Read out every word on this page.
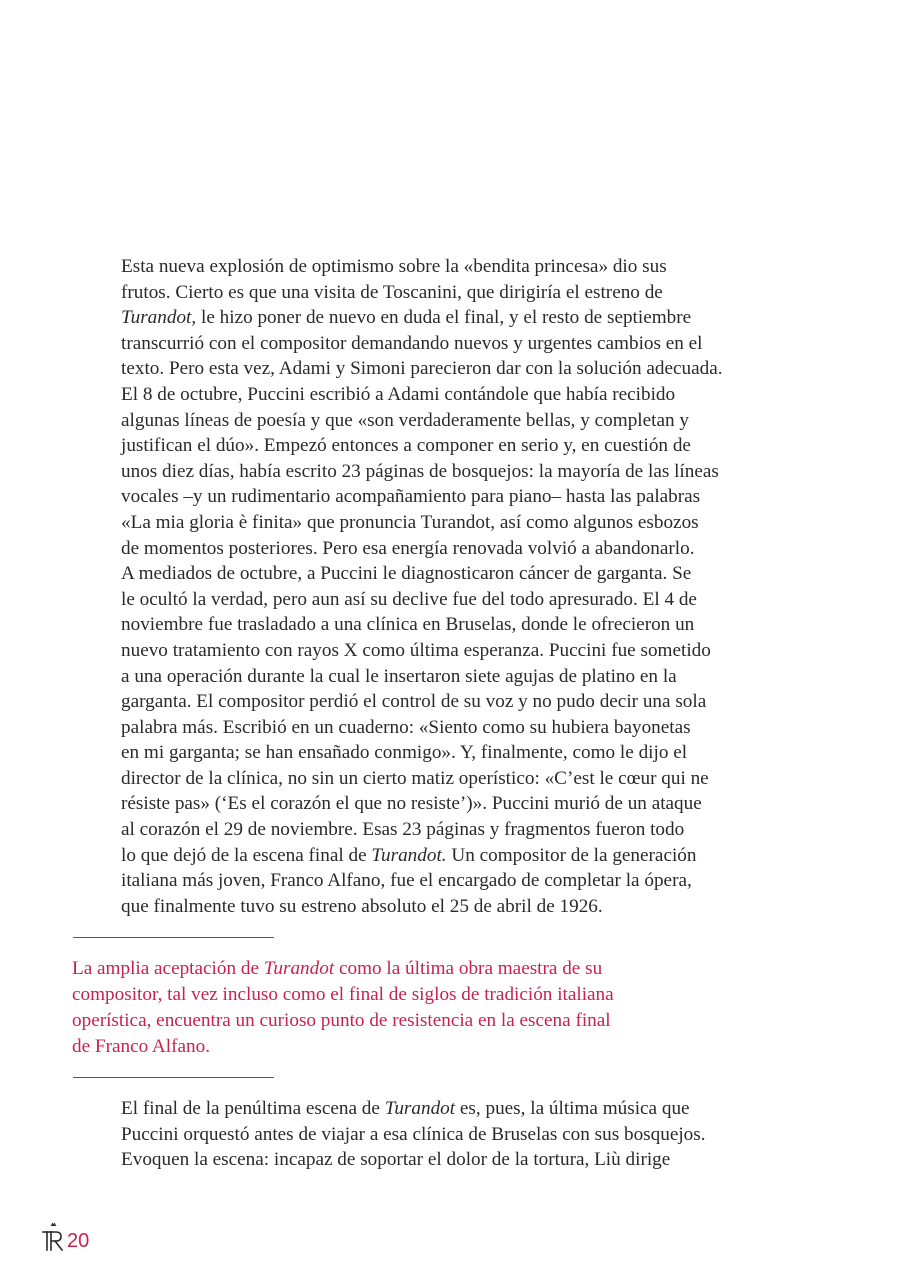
Esta nueva explosión de optimismo sobre la «bendita princesa» dio sus
frutos. Cierto es que una visita de Toscanini, que dirigiría el estreno de
Turandot, le hizo poner de nuevo en duda el final, y el resto de septiembre
transcurrió con el compositor demandando nuevos y urgentes cambios en el
texto. Pero esta vez, Adami y Simoni parecieron dar con la solución adecuada.
El 8 de octubre, Puccini escribió a Adami contándole que había recibido
algunas líneas de poesía y que «son verdaderamente bellas, y completan y
justifican el dúo». Empezó entonces a componer en serio y, en cuestión de
unos diez días, había escrito 23 páginas de bosquejos: la mayoría de las líneas
vocales –y un rudimentario acompañamiento para piano– hasta las palabras
«La mia gloria è finita» que pronuncia Turandot, así como algunos esbozos
de momentos posteriores. Pero esa energía renovada volvió a abandonarlo.
A mediados de octubre, a Puccini le diagnosticaron cáncer de garganta. Se
le ocultó la verdad, pero aun así su declive fue del todo apresurado. El 4 de
noviembre fue trasladado a una clínica en Bruselas, donde le ofrecieron un
nuevo tratamiento con rayos X como última esperanza. Puccini fue sometido
a una operación durante la cual le insertaron siete agujas de platino en la
garganta. El compositor perdió el control de su voz y no pudo decir una sola
palabra más. Escribió en un cuaderno: «Siento como su hubiera bayonetas
en mi garganta; se han ensañado conmigo». Y, finalmente, como le dijo el
director de la clínica, no sin un cierto matiz operístico: «C’est le cœur qui ne
résiste pas» (‘Es el corazón el que no resiste’)». Puccini murió de un ataque
al corazón el 29 de noviembre. Esas 23 páginas y fragmentos fueron todo
lo que dejó de la escena final de Turandot. Un compositor de la generación
italiana más joven, Franco Alfano, fue el encargado de completar la ópera,
que finalmente tuvo su estreno absoluto el 25 de abril de 1926.
La amplia aceptación de Turandot como la última obra maestra de su
compositor, tal vez incluso como el final de siglos de tradición italiana
operística, encuentra un curioso punto de resistencia en la escena final
de Franco Alfano.
El final de la penúltima escena de Turandot es, pues, la última música que
Puccini orquestó antes de viajar a esa clínica de Bruselas con sus bosquejos.
Evoquen la escena: incapaz de soportar el dolor de la tortura, Liù dirige
20
